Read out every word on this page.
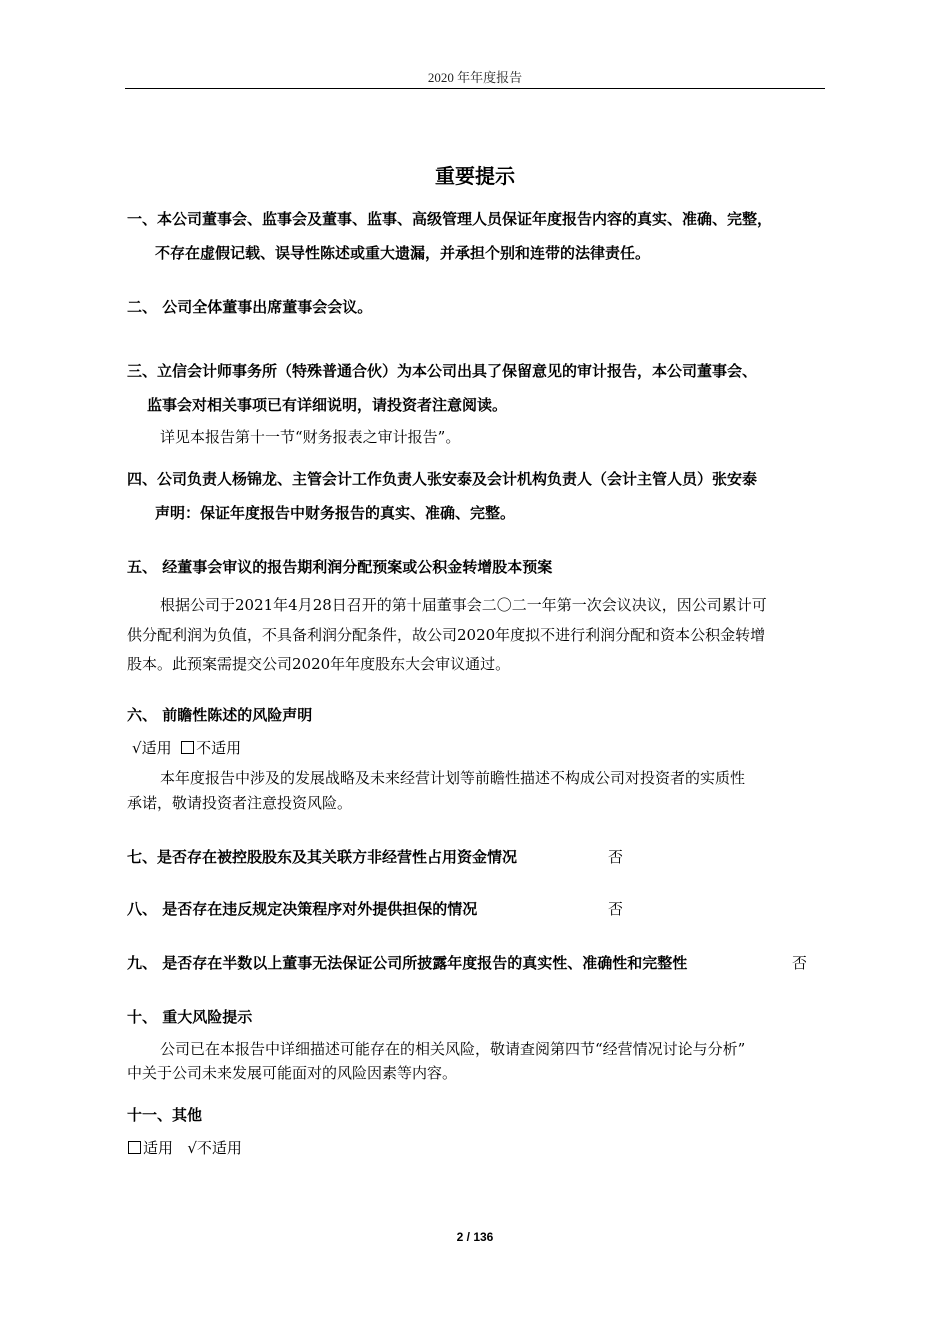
2020 年年度报告
重要提示
一、本公司董事会、监事会及董事、监事、高级管理人员保证年度报告内容的真实、准确、完整，
不存在虚假记载、误导性陈述或重大遗漏，并承担个别和连带的法律责任。
二、 公司全体董事出席董事会会议。
三、立信会计师事务所（特殊普通合伙）为本公司出具了保留意见的审计报告，本公司董事会、
监事会对相关事项已有详细说明，请投资者注意阅读。
详见本报告第十一节“财务报表之审计报告”。
四、公司负责人杨锦龙、主管会计工作负责人张安泰及会计机构负责人（会计主管人员）张安泰
声明：保证年度报告中财务报告的真实、准确、完整。
五、 经董事会审议的报告期利润分配预案或公积金转增股本预案
根据公司于2021年4月28日召开的第十届董事会二〇二一年第一次会议决议，因公司累计可
供分配利润为负值，不具备利润分配条件，故公司2020年度拟不进行利润分配和资本公积金转增
股本。此预案需提交公司2020年年度股东大会审议通过。
六、 前瞻性陈述的风险声明
√适用 不适用
本年度报告中涉及的发展战略及未来经营计划等前瞻性描述不构成公司对投资者的实质性
承诺，敬请投资者注意投资风险。
七、是否存在被控股股东及其关联方非经营性占用资金情况	否
八、 是否存在违反规定决策程序对外提供担保的情况	否
九、 是否存在半数以上董事无法保证公司所披露年度报告的真实性、准确性和完整性	否
十、 重大风险提示
公司已在本报告中详细描述可能存在的相关风险，敬请查阅第四节“经营情况讨论与分析”
中关于公司未来发展可能面对的风险因素等内容。
十一、其他
适用 √不适用
2 / 136
